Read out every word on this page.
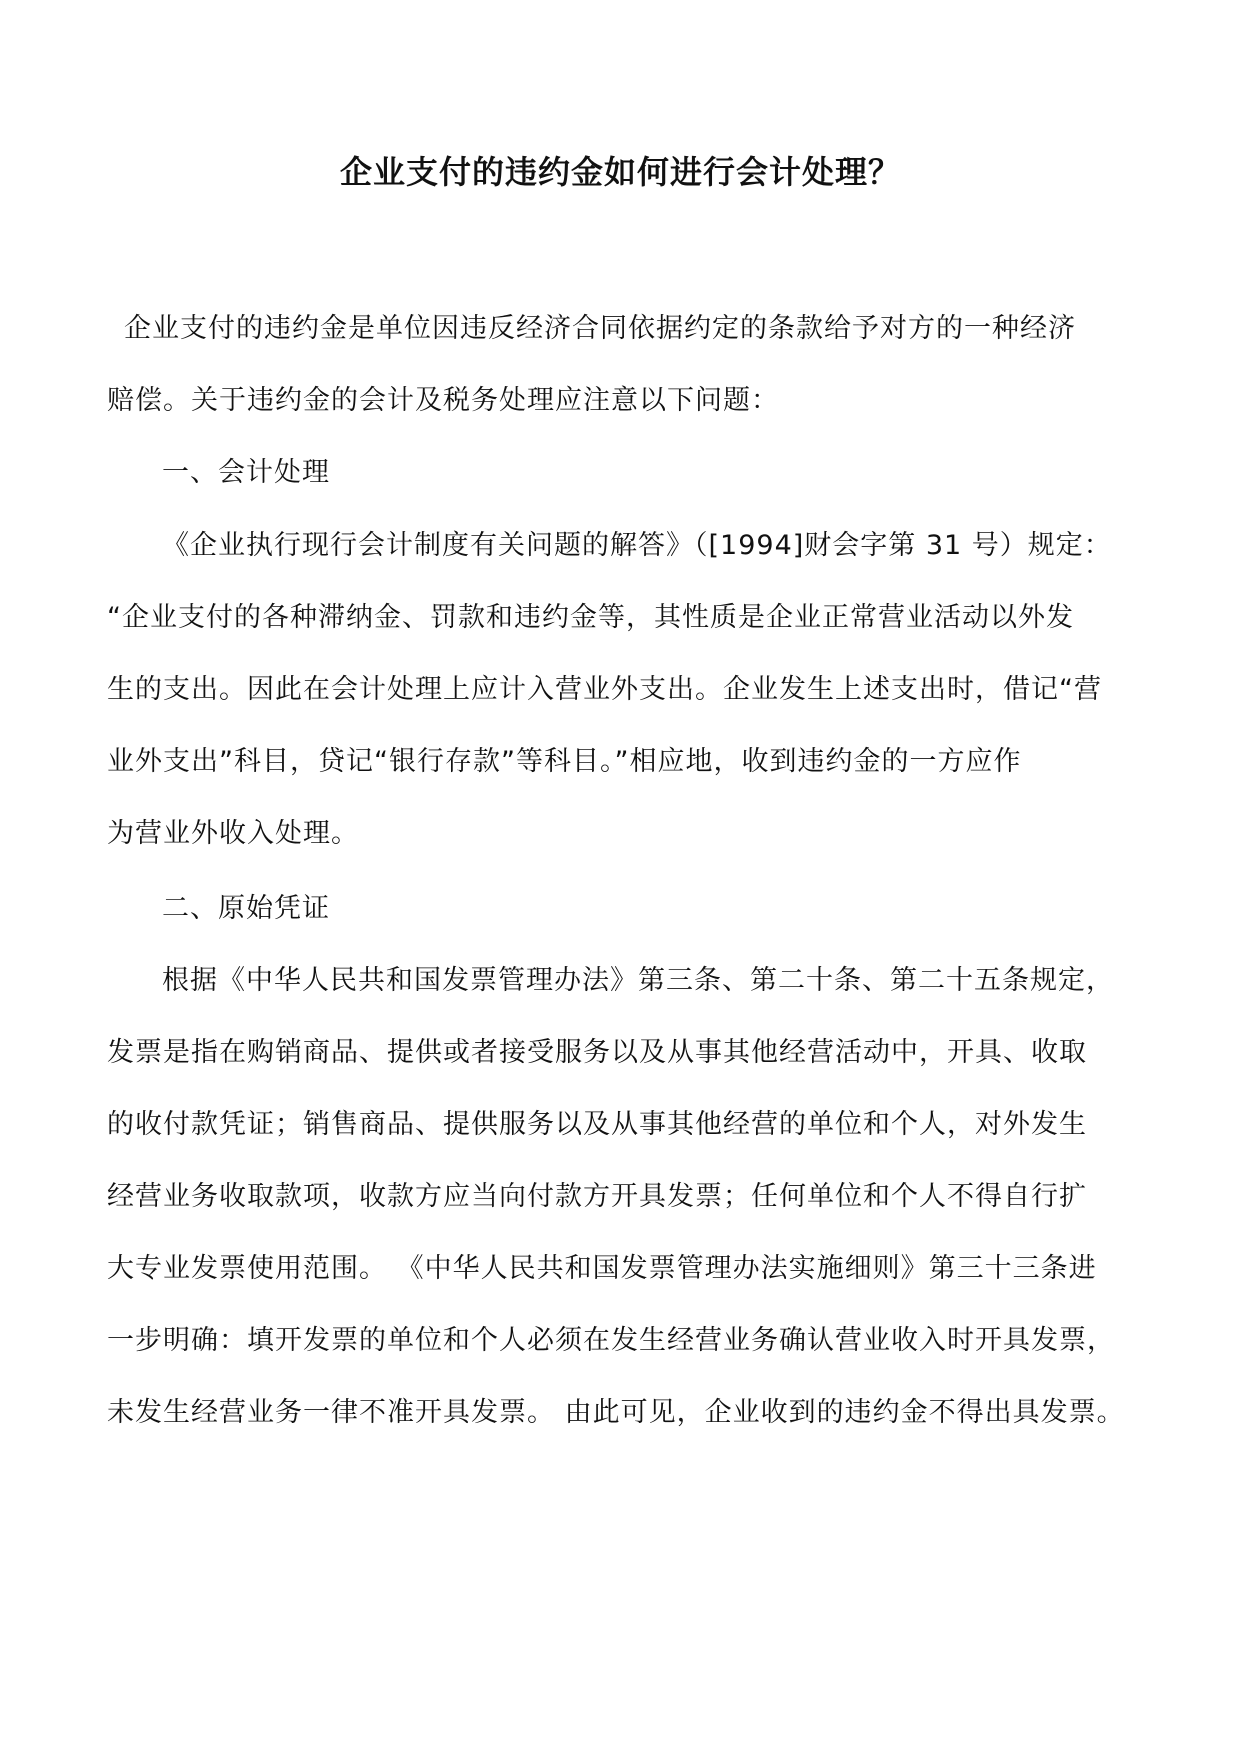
企业支付的违约金如何进行会计处理？
企业支付的违约金是单位因违反经济合同依据约定的条款给予对方的一种经济
赔偿。关于违约金的会计及税务处理应注意以下问题：
一、会计处理
《企业执行现行会计制度有关问题的解答》（[1994]财会字第 31 号）规定：
“企业支付的各种滞纳金、罚款和违约金等，其性质是企业正常营业活动以外发
生的支出。因此在会计处理上应计入营业外支出。企业发生上述支出时，借记“营
业外支出”科目，贷记“银行存款”等科目。”相应地，收到违约金的一方应作
为营业外收入处理。
二、原始凭证
根据《中华人民共和国发票管理办法》第三条、第二十条、第二十五条规定，
发票是指在购销商品、提供或者接受服务以及从事其他经营活动中，开具、收取
的收付款凭证；销售商品、提供服务以及从事其他经营的单位和个人，对外发生
经营业务收取款项，收款方应当向付款方开具发票；任何单位和个人不得自行扩
大专业发票使用范围。 《中华人民共和国发票管理办法实施细则》第三十三条进
一步明确：填开发票的单位和个人必须在发生经营业务确认营业收入时开具发票，
未发生经营业务一律不准开具发票。 由此可见，企业收到的违约金不得出具发票。
